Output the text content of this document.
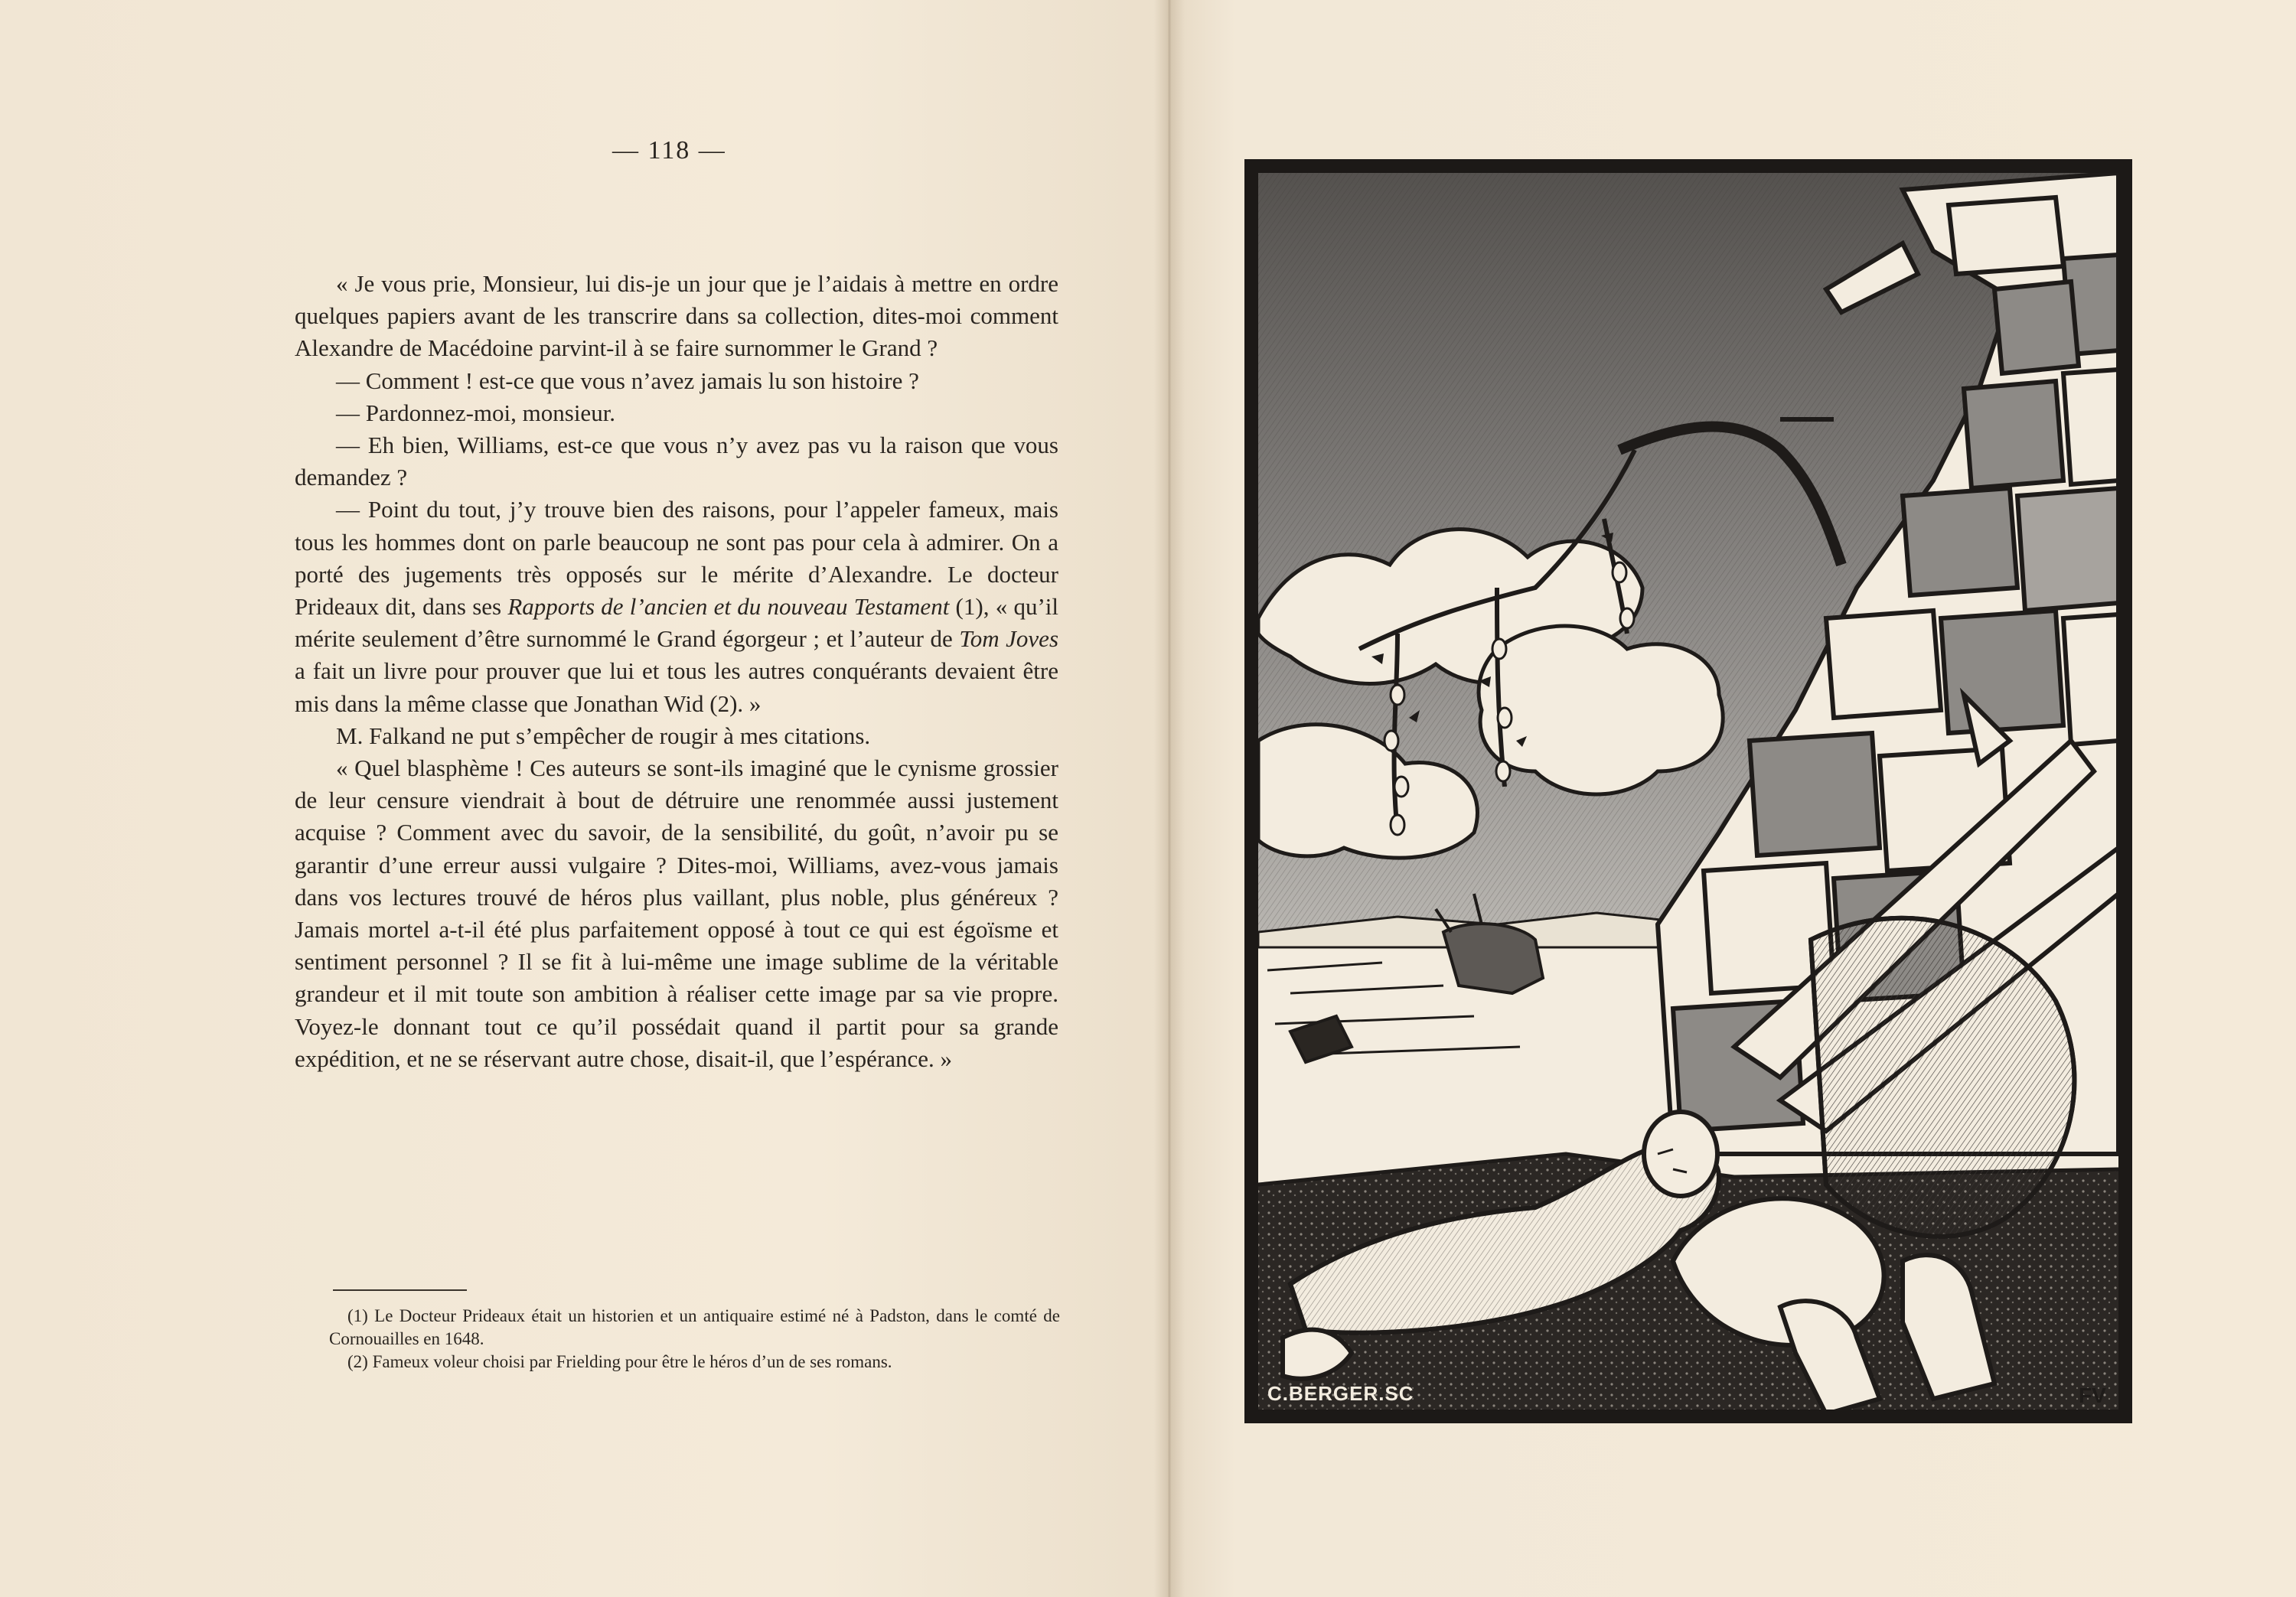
— 118 —

« Je vous prie, Monsieur, lui dis-je un jour que je l’aidais à mettre en ordre quelques papiers avant de les transcrire dans sa collection, dites-moi comment Alexandre de Macédoine parvint-il à se faire surnommer le Grand ?

— Comment ! est-ce que vous n’avez jamais lu son histoire ?

— Pardonnez-moi, monsieur.

— Eh bien, Williams, est-ce que vous n’y avez pas vu la raison que vous demandez ?

— Point du tout, j’y trouve bien des raisons, pour l’appeler fameux, mais tous les hommes dont on parle beaucoup ne sont pas pour cela à admirer. On a porté des jugements très opposés sur le mérite d’Alexandre. Le docteur Prideaux dit, dans ses Rapports de l’ancien et du nouveau Testament (1), « qu’il mérite seulement d’être surnommé le Grand égorgeur ; et l’auteur de Tom Joves a fait un livre pour prouver que lui et tous les autres conquérants devaient être mis dans la même classe que Jonathan Wid (2). »

M. Falkand ne put s’empêcher de rougir à mes citations.

« Quel blasphème ! Ces auteurs se sont-ils imaginé que le cynisme grossier de leur censure viendrait à bout de détruire une renommée aussi justement acquise ? Comment avec du savoir, de la sensibilité, du goût, n’avoir pu se garantir d’une erreur aussi vulgaire ? Dites-moi, Williams, avez-vous jamais dans vos lectures trouvé de héros plus vaillant, plus noble, plus généreux ? Jamais mortel a-t-il été plus parfaitement opposé à tout ce qui est égoïsme et sentiment personnel ? Il se fit à lui-même une image sublime de la véritable grandeur et il mit toute son ambition à réaliser cette image par sa vie propre. Voyez-le donnant tout ce qu’il possédait quand il partit pour sa grande expédition, et ne se réservant autre chose, disait-il, que l’espérance. »

(1) Le Docteur Prideaux était un historien et un antiquaire estimé né à Padston, dans le comté de Cornouailles en 1648.

(2) Fameux voleur choisi par Frielding pour être le héros d’un de ses romans.

C.BERGER.SC	FV
